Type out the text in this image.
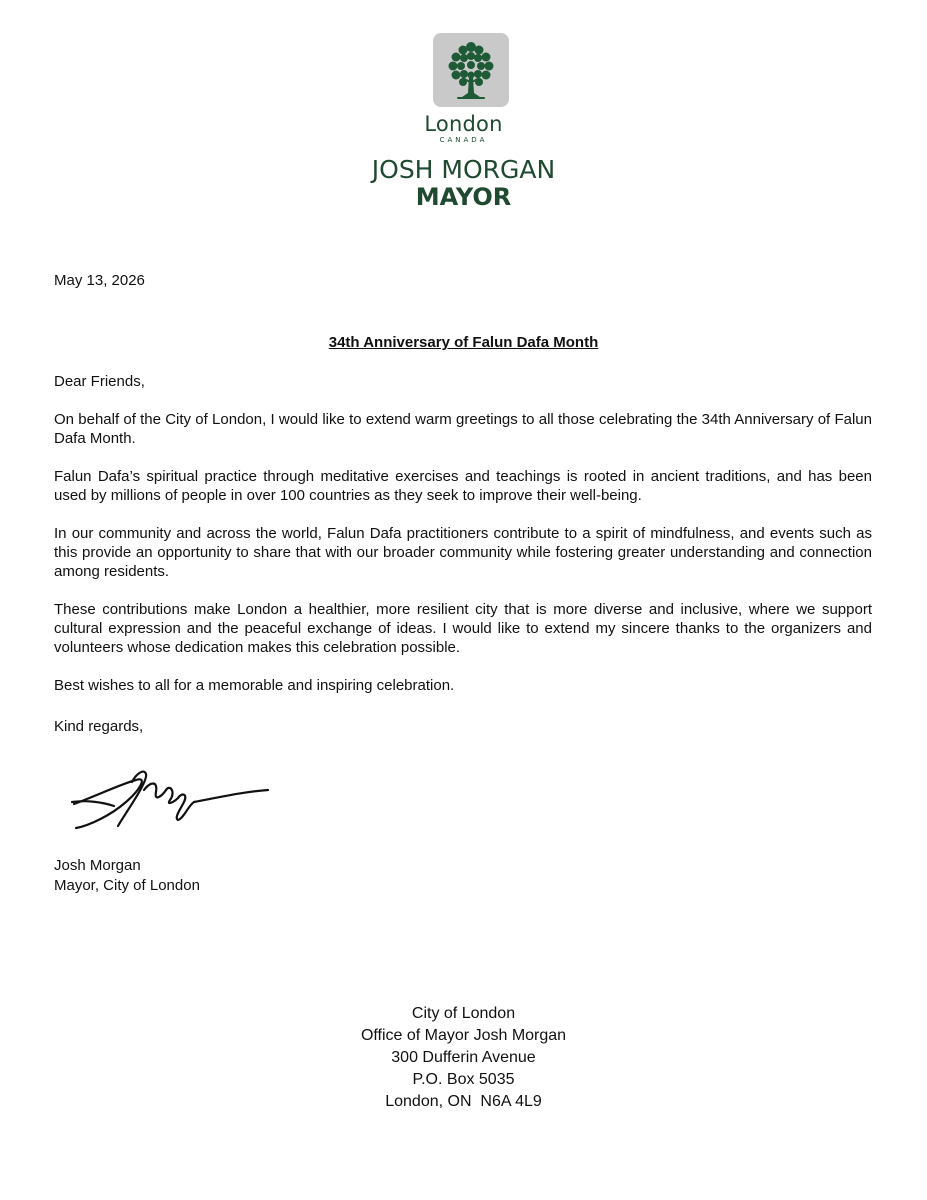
London
CANADA
JOSH MORGAN
MAYOR
May 13, 2026
34th Anniversary of Falun Dafa Month
Dear Friends,

On behalf of the City of London, I would like to extend warm greetings to all those celebrating the 34th Anniversary of Falun Dafa Month.

Falun Dafa’s spiritual practice through meditative exercises and teachings is rooted in ancient traditions, and has been used by millions of people in over 100 countries as they seek to improve their well-being.

In our community and across the world, Falun Dafa practitioners contribute to a spirit of mindfulness, and events such as this provide an opportunity to share that with our broader community while fostering greater understanding and connection among residents.

These contributions make London a healthier, more resilient city that is more diverse and inclusive, where we support cultural expression and the peaceful exchange of ideas. I would like to extend my sincere thanks to the organizers and volunteers whose dedication makes this celebration possible.

Best wishes to all for a memorable and inspiring celebration.

Kind regards,
Josh Morgan
Mayor, City of London
City of London
Office of Mayor Josh Morgan
300 Dufferin Avenue
P.O. Box 5035
London, ON  N6A 4L9
